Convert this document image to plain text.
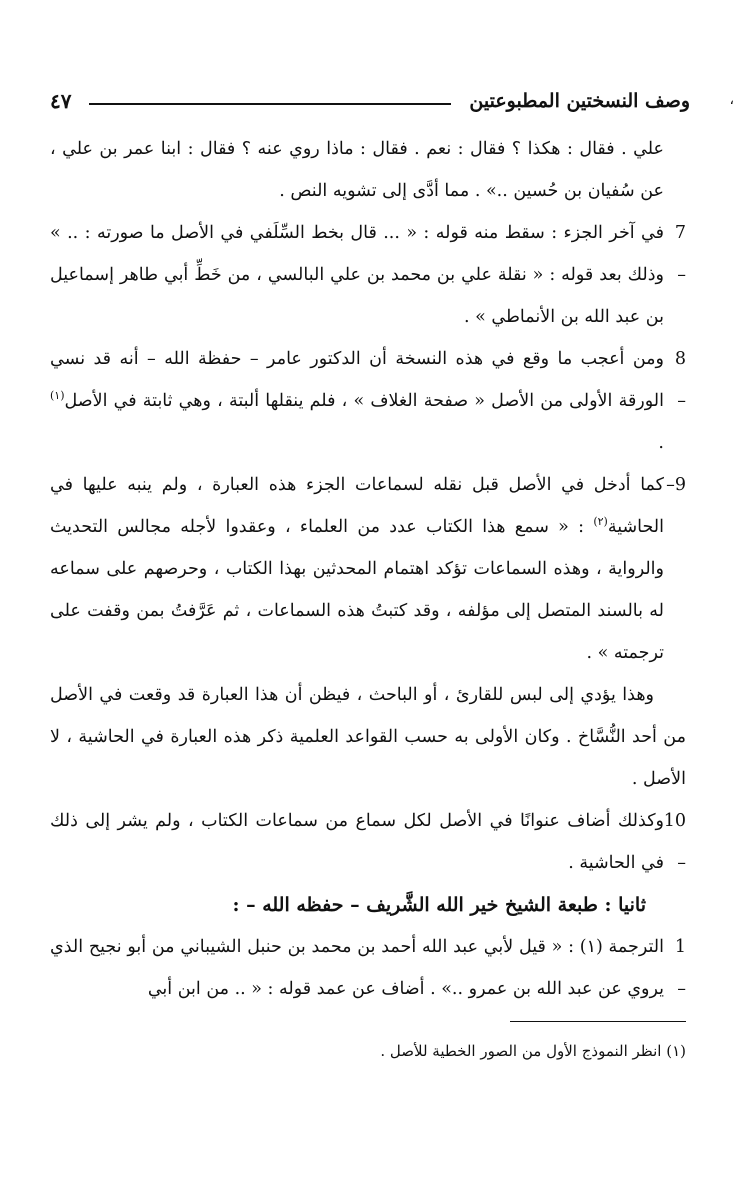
وصف النسختين المطبوعتين
٤٧	،

علي . فقال : هكذا ؟ فقال : نعم . فقال : ماذا روي عنه ؟ فقال : ابنا عمر بن علي ، عن سُفيان بن حُسين ..» . مما أدَّى إلى تشويه النص .

7 –

في آخر الجزء : سقط منه قوله : « ... قال بخط السِّلَفي في الأصل ما صورته : .. » وذلك بعد قوله : « نقلة علي بن محمد بن علي البالسي ، من خَطِّ أبي طاهر إسماعيل بن عبد الله بن الأنماطي » .

8 –

ومن أعجب ما وقع في هذه النسخة أن الدكتور عامر – حفظة الله – أنه قد نسي الورقة الأولى من الأصل « صفحة الغلاف » ، فلم ينقلها ألبتة ، وهي ثابتة في الأصل$^{(١)}$ .

9–

كما أدخل في الأصل قبل نقله لسماعات الجزء هذه العبارة ، ولم ينبه عليها في الحاشية$^{(٢)}$ : « سمع هذا الكتاب عدد من العلماء ، وعقدوا لأجله مجالس التحديث والرواية ، وهذه السماعات تؤكد اهتمام المحدثين بهذا الكتاب ، وحرصهم على سماعه له بالسند المتصل إلى مؤلفه ، وقد كتبتُ هذه السماعات ، ثم عَرَّفتُ بمن وقفت على ترجمته » .

وهذا يؤدي إلى لبس للقارئ ، أو الباحث ، فيظن أن هذا العبارة قد وقعت في الأصل من أحد النُّسَّاخ . وكان الأولى به حسب القواعد العلمية ذكر هذه العبارة في الحاشية ، لا الأصل .

10 –

وكذلك أضاف عنوانًا في الأصل لكل سماع من سماعات الكتاب ، ولم يشر إلى ذلك في الحاشية .

ثانيا : طبعة الشيخ خير الله الشَّريف – حفظه الله – :

1 –

الترجمة (١) : « قيل لأبي عبد الله أحمد بن محمد بن حنبل الشيباني من أبو نجيح الذي يروي عن عبد الله بن عمرو ..» . أضاف عن عمد قوله : « .. من ابن أبي

(١) انظر النموذج الأول من الصور الخطية للأصل .
